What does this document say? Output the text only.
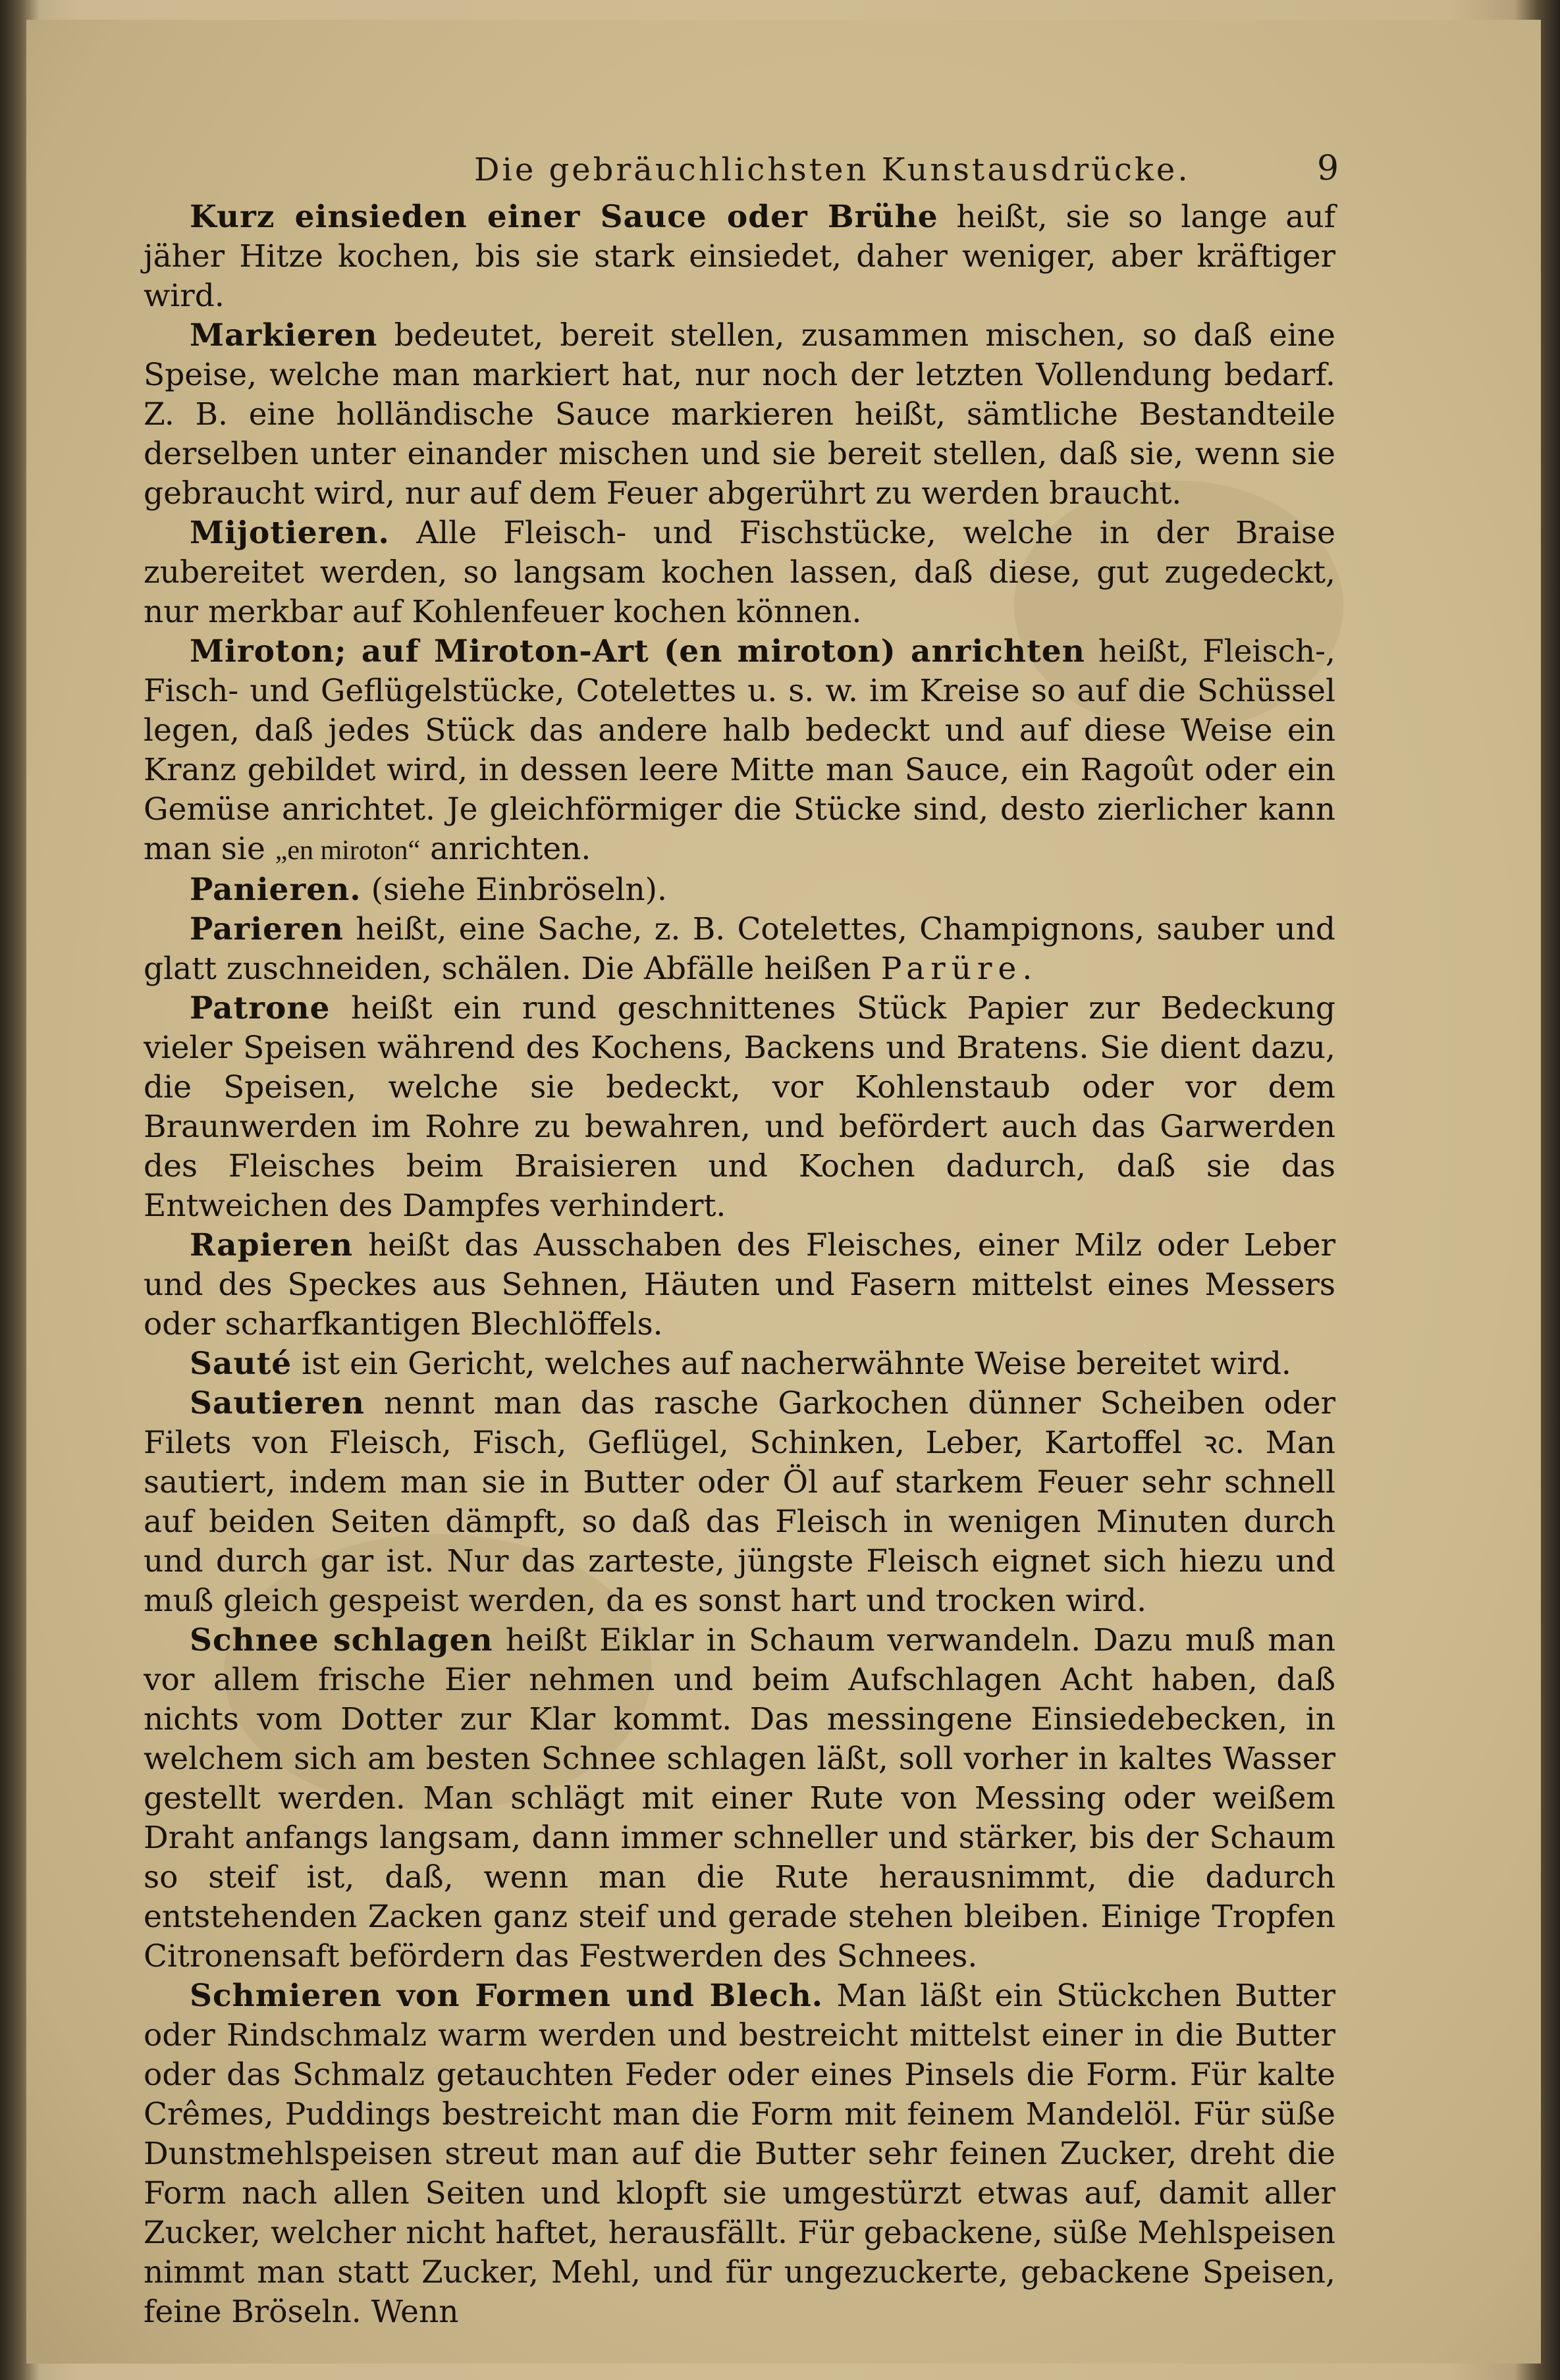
Die gebräuchlichsten Kunstausdrücke.	9

Kurz einsieden einer Sauce oder Brühe heißt, sie so lange auf jäher Hitze kochen, bis sie stark einsiedet, daher weniger, aber kräftiger wird.

Markieren bedeutet, bereit stellen, zusammen mischen, so daß eine Speise, welche man markiert hat, nur noch der letzten Vollendung bedarf. Z. B. eine holländische Sauce markieren heißt, sämtliche Bestandteile derselben unter einander mischen und sie bereit stellen, daß sie, wenn sie gebraucht wird, nur auf dem Feuer abgerührt zu werden braucht.

Mijotieren. Alle Fleisch- und Fischstücke, welche in der Braise zubereitet werden, so langsam kochen lassen, daß diese, gut zugedeckt, nur merkbar auf Kohlenfeuer kochen können.

Miroton; auf Miroton-Art (en miroton) anrichten heißt, Fleisch-, Fisch- und Geflügelstücke, Cotelettes u. s. w. im Kreise so auf die Schüssel legen, daß jedes Stück das andere halb bedeckt und auf diese Weise ein Kranz gebildet wird, in dessen leere Mitte man Sauce, ein Ragoût oder ein Gemüse anrichtet. Je gleichförmiger die Stücke sind, desto zierlicher kann man sie „en miroton“ anrichten.

Panieren. (siehe Einbröseln).

Parieren heißt, eine Sache, z. B. Cotelettes, Champignons, sauber und glatt zuschneiden, schälen. Die Abfälle heißen Parüre.

Patrone heißt ein rund geschnittenes Stück Papier zur Bedeckung vieler Speisen während des Kochens, Backens und Bratens. Sie dient dazu, die Speisen, welche sie bedeckt, vor Kohlenstaub oder vor dem Braunwerden im Rohre zu bewahren, und befördert auch das Garwerden des Fleisches beim Braisieren und Kochen dadurch, daß sie das Entweichen des Dampfes verhindert.

Rapieren heißt das Ausschaben des Fleisches, einer Milz oder Leber und des Speckes aus Sehnen, Häuten und Fasern mittelst eines Messers oder scharfkantigen Blechlöffels.

Sauté ist ein Gericht, welches auf nacherwähnte Weise bereitet wird.

Sautieren nennt man das rasche Garkochen dünner Scheiben oder Filets von Fleisch, Fisch, Geflügel, Schinken, Leber, Kartoffel ꝛc. Man sautiert, indem man sie in Butter oder Öl auf starkem Feuer sehr schnell auf beiden Seiten dämpft, so daß das Fleisch in wenigen Minuten durch und durch gar ist. Nur das zarteste, jüngste Fleisch eignet sich hiezu und muß gleich gespeist werden, da es sonst hart und trocken wird.

Schnee schlagen heißt Eiklar in Schaum verwandeln. Dazu muß man vor allem frische Eier nehmen und beim Aufschlagen Acht haben, daß nichts vom Dotter zur Klar kommt. Das messingene Einsiedebecken, in welchem sich am besten Schnee schlagen läßt, soll vorher in kaltes Wasser gestellt werden. Man schlägt mit einer Rute von Messing oder weißem Draht anfangs langsam, dann immer schneller und stärker, bis der Schaum so steif ist, daß, wenn man die Rute herausnimmt, die dadurch entstehenden Zacken ganz steif und gerade stehen bleiben. Einige Tropfen Citronensaft befördern das Festwerden des Schnees.

Schmieren von Formen und Blech. Man läßt ein Stückchen Butter oder Rindschmalz warm werden und bestreicht mittelst einer in die Butter oder das Schmalz getauchten Feder oder eines Pinsels die Form. Für kalte Crêmes, Puddings bestreicht man die Form mit feinem Mandelöl. Für süße Dunstmehlspeisen streut man auf die Butter sehr feinen Zucker, dreht die Form nach allen Seiten und klopft sie umgestürzt etwas auf, damit aller Zucker, welcher nicht haftet, herausfällt. Für gebackene, süße Mehlspeisen nimmt man statt Zucker, Mehl, und für ungezuckerte, gebackene Speisen, feine Bröseln. Wenn
